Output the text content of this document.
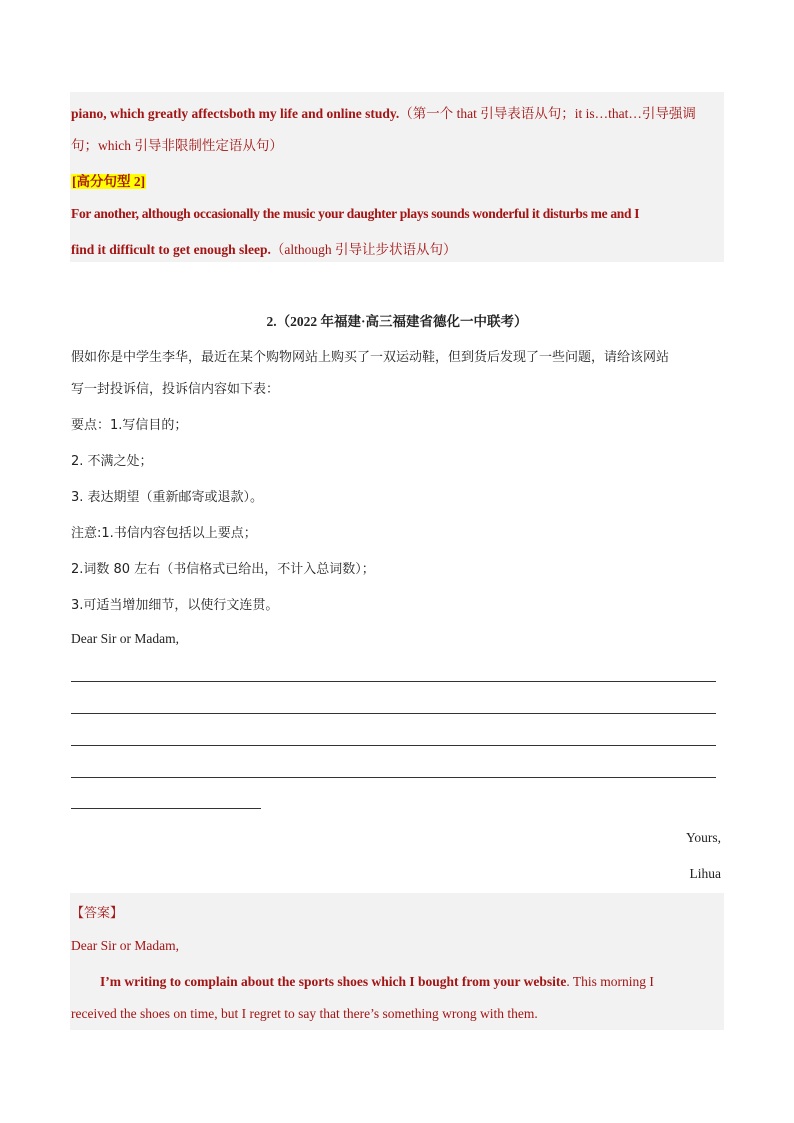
piano, which greatly affectsboth my life and online study.（第一个 that 引导表语从句；it is…that…引导强调
句；which 引导非限制性定语从句）
[高分句型 2]
For another, although occasionally the music your daughter plays sounds wonderful it disturbs me and I
find it difficult to get enough sleep.（although 引导让步状语从句）
2.（2022 年福建·高三福建省德化一中联考）
假如你是中学生李华，最近在某个购物网站上购买了一双运动鞋，但到货后发现了一些问题，请给该网站
写一封投诉信，投诉信内容如下表：
要点：1.写信目的；
2. 不满之处；
3. 表达期望（重新邮寄或退款）。
注意:1.书信内容包括以上要点；
2.词数 80 左右（书信格式已给出，不计入总词数）；
3.可适当增加细节，以使行文连贯。
Dear Sir or Madam,
Yours,
Lihua
【答案】
Dear Sir or Madam,
I’m writing to complain about the sports shoes which I bought from your website. This morning I
received the shoes on time, but I regret to say that there’s something wrong with them.
